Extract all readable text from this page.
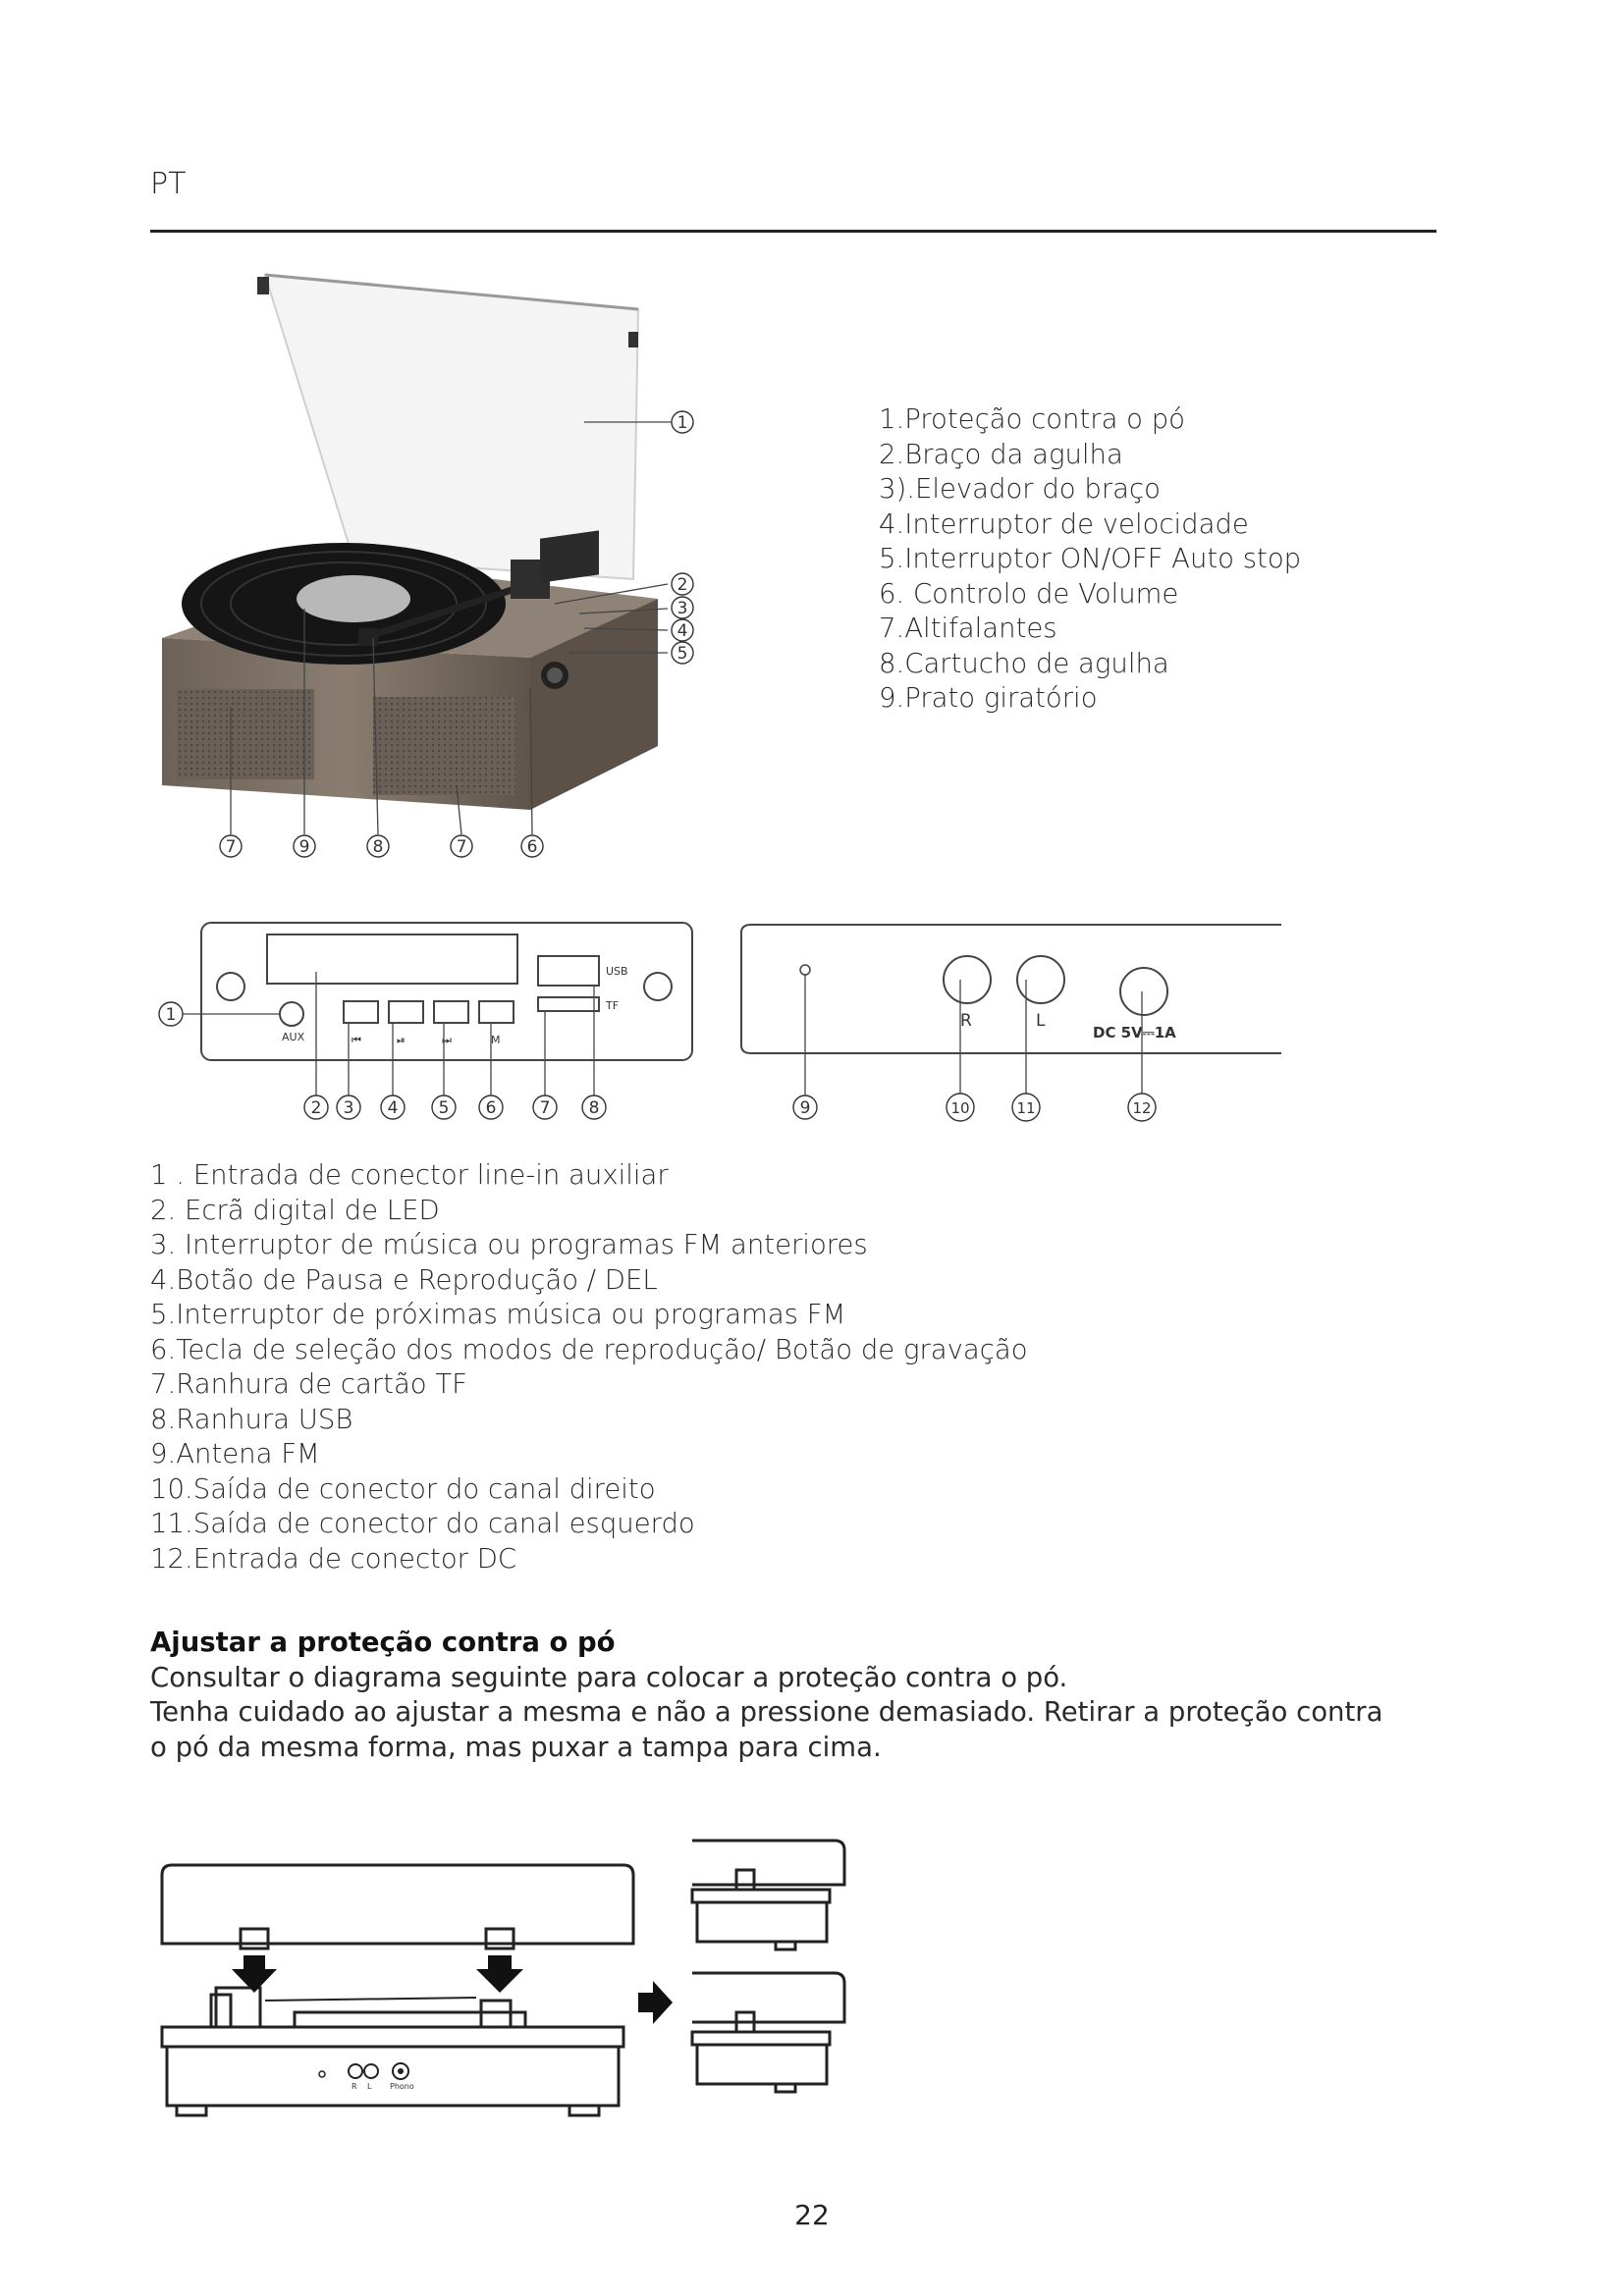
PT
1
2
3
4
5
7	9	8	7	6
1.Proteção contra o pó
2.Braço da agulha
3).Elevador do braço
4.Interruptor de velocidade
5.Interruptor ON/OFF Auto stop
6. Controlo de Volume
7.Altifalantes
8.Cartucho de agulha
9.Prato giratório
AUX
USB
TF
⏮	⏯	⏭	M
1
2 3 4 5 6	7 8
R	L
DC 5V⎓1A
9	10	11	12
1 . Entrada de conector line-in auxiliar
2. Ecrã digital de LED
3. Interruptor de música ou programas FM anteriores
4.Botão de Pausa e Reprodução / DEL
5.Interruptor de próximas música ou programas FM
6.Tecla de seleção dos modos de reprodução/ Botão de gravação
7.Ranhura de cartão TF
8.Ranhura USB
9.Antena FM
10.Saída de conector do canal direito
11.Saída de conector do canal esquerdo
12.Entrada de conector DC
Ajustar a proteção contra o pó
Consultar o diagrama seguinte para colocar a proteção contra o pó.
Tenha cuidado ao ajustar a mesma e não a pressione demasiado. Retirar a proteção contra
o pó da mesma forma, mas puxar a tampa para cima.
R L Phono
22
